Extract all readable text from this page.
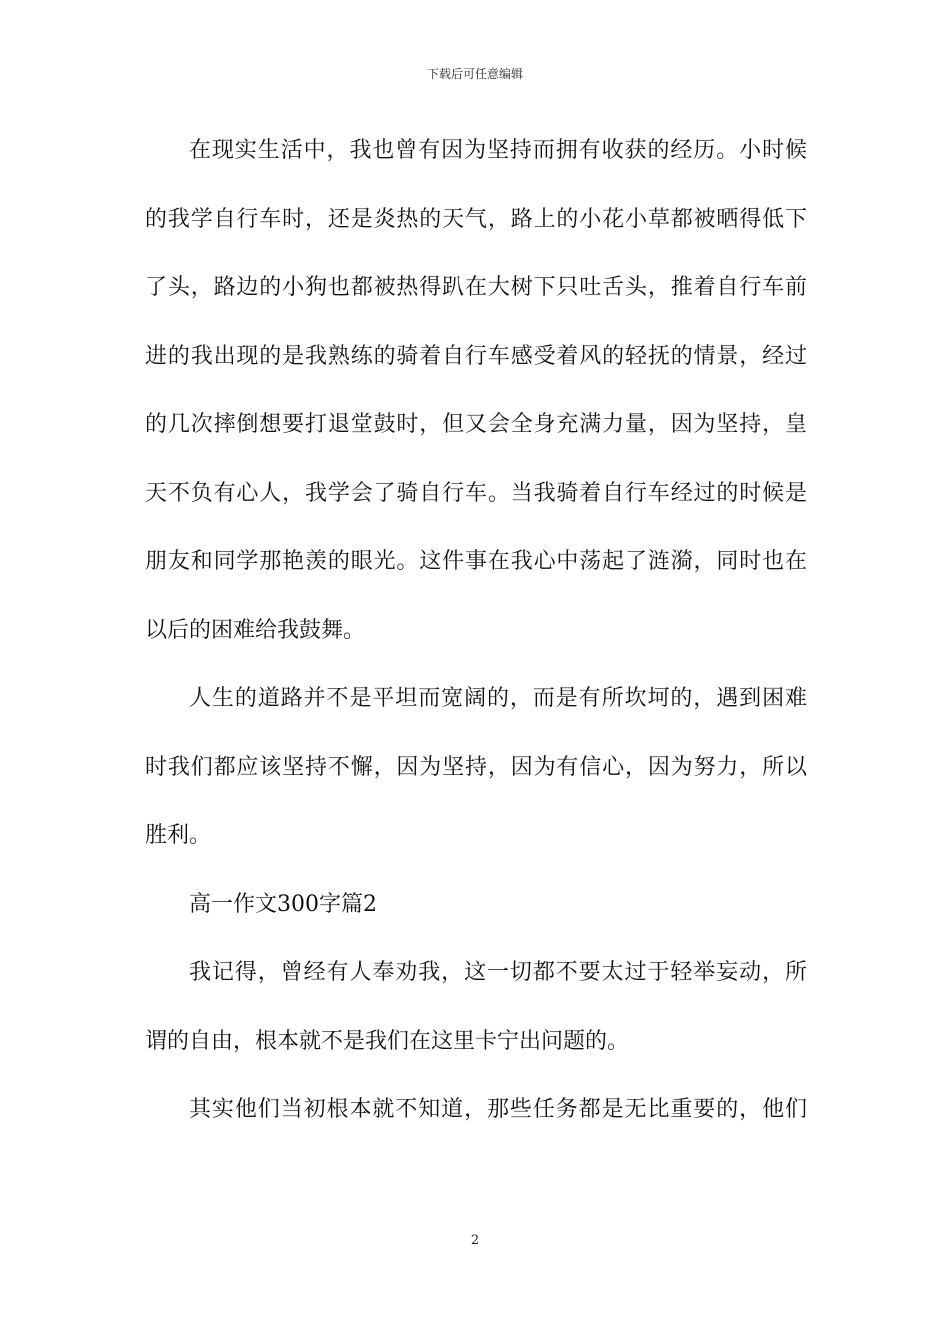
下载后可任意编辑

在现实生活中，我也曾有因为坚持而拥有收获的经历。小时候

的我学自行车时，还是炎热的天气，路上的小花小草都被晒得低下

了头，路边的小狗也都被热得趴在大树下只吐舌头，推着自行车前

进的我出现的是我熟练的骑着自行车感受着风的轻抚的情景，经过

的几次摔倒想要打退堂鼓时，但又会全身充满力量，因为坚持，皇

天不负有心人，我学会了骑自行车。当我骑着自行车经过的时候是

朋友和同学那艳羡的眼光。这件事在我心中荡起了涟漪，同时也在

以后的困难给我鼓舞。

人生的道路并不是平坦而宽阔的，而是有所坎坷的，遇到困难

时我们都应该坚持不懈，因为坚持，因为有信心，因为努力，所以

胜利。

高一作文300字篇2

我记得，曾经有人奉劝我，这一切都不要太过于轻举妄动，所

谓的自由，根本就不是我们在这里卡宁出问题的。

其实他们当初根本就不知道，那些任务都是无比重要的，他们

2
